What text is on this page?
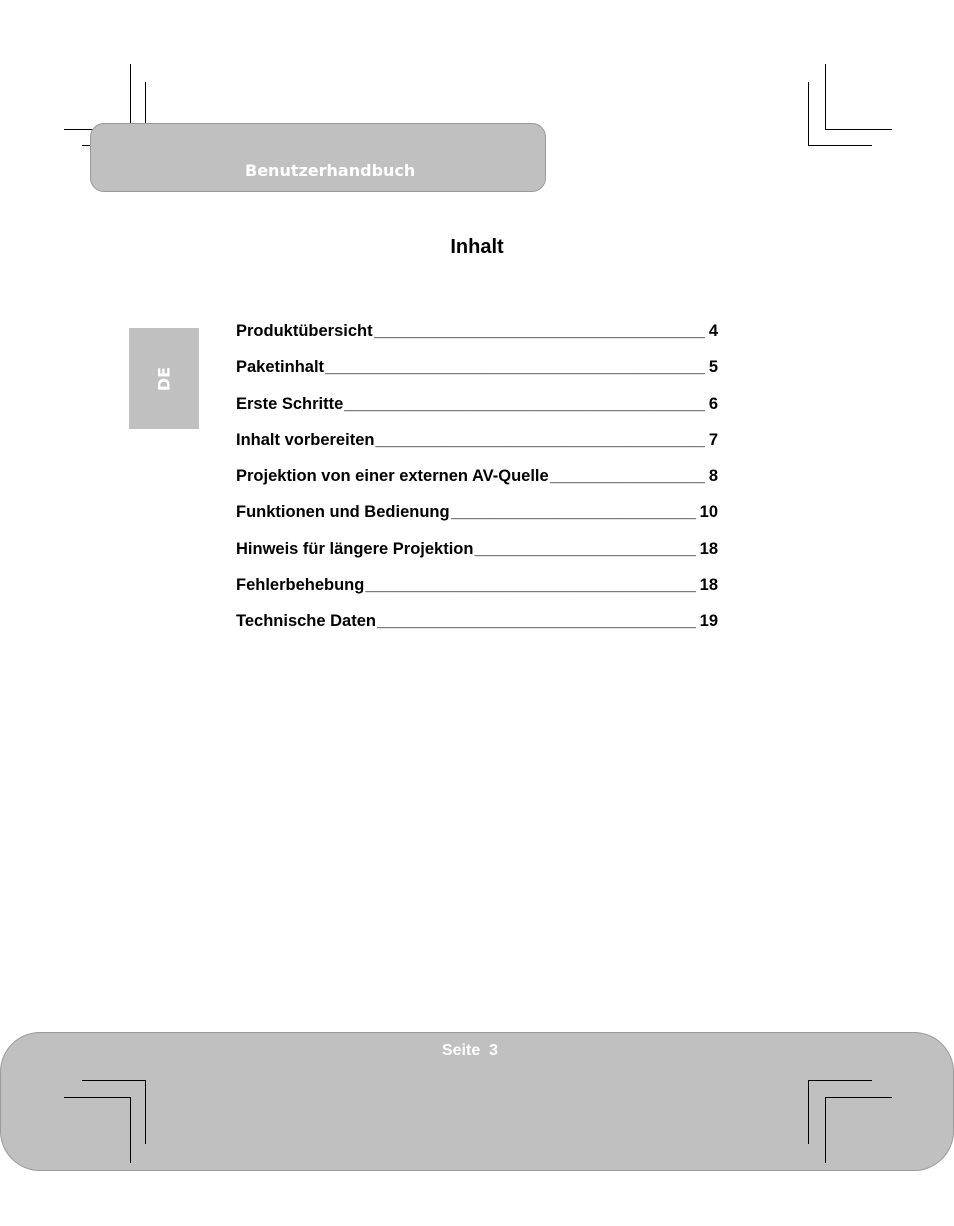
Benutzerhandbuch
Inhalt
DE
Produktübersicht _____	4
Paketinhalt _____	5
Erste Schritte _____	6
Inhalt vorbereiten _____	7
Projektion von einer externen AV-Quelle _____	8
Funktionen und Bedienung _____	10
Hinweis für längere Projektion _____	18
Fehlerbehebung _____	18
Technische Daten _____	19
Seite  3
